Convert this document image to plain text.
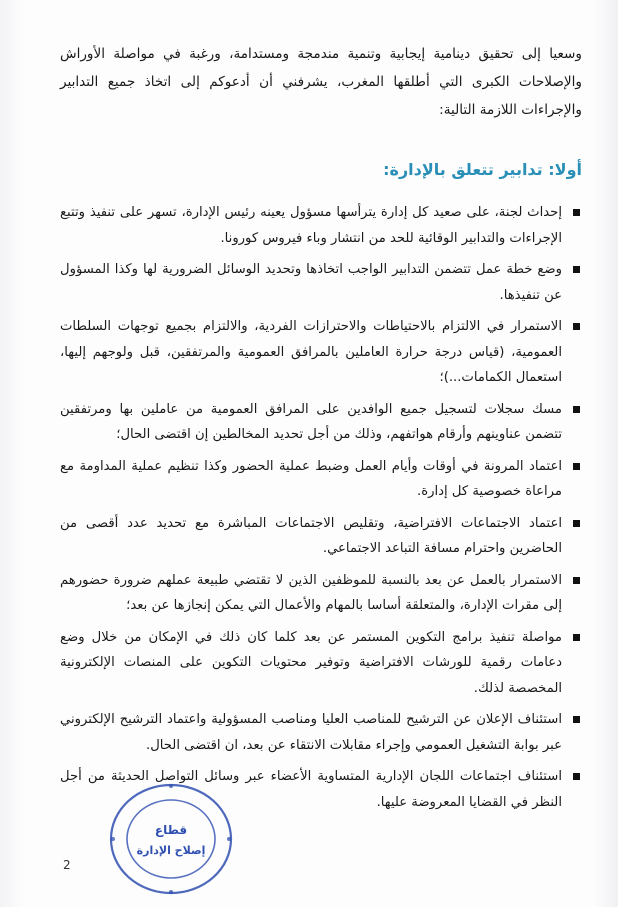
وسعيا إلى تحقيق دينامية إيجابية وتنمية مندمجة ومستدامة، ورغبة في مواصلة الأوراش والإصلاحات الكبرى التي أطلقها المغرب، يشرفني أن أدعوكم إلى اتخاذ جميع التدابير والإجراءات اللازمة التالية:

أولا: تدابير تتعلق بالإدارة:
إحداث لجنة، على صعيد كل إدارة يترأسها مسؤول يعينه رئيس الإدارة، تسهر على تنفيذ وتتبع الإجراءات والتدابير الوقائية للحد من انتشار وباء فيروس كورونا.
وضع خطة عمل تتضمن التدابير الواجب اتخاذها وتحديد الوسائل الضرورية لها وكذا المسؤول عن تنفيذها.
الاستمرار في الالتزام بالاحتياطات والاحترازات الفردية، والالتزام بجميع توجهات السلطات العمومية، (قياس درجة حرارة العاملين بالمرافق العمومية والمرتفقين، قبل ولوجهم إليها، استعمال الكمامات...)؛
مسك سجلات لتسجيل جميع الوافدين على المرافق العمومية من عاملين بها ومرتفقين تتضمن عناوينهم وأرقام هواتفهم، وذلك من أجل تحديد المخالطين إن اقتضى الحال؛
اعتماد المرونة في أوقات وأيام العمل وضبط عملية الحضور وكذا تنظيم عملية المداومة مع مراعاة خصوصية كل إدارة.
اعتماد الاجتماعات الافتراضية، وتقليص الاجتماعات المباشرة مع تحديد عدد أقصى من الحاضرين واحترام مسافة التباعد الاجتماعي.
الاستمرار بالعمل عن بعد بالنسبة للموظفين الذين لا تقتضي طبيعة عملهم ضرورة حضورهم إلى مقرات الإدارة، والمتعلقة أساسا بالمهام والأعمال التي يمكن إنجازها عن بعد؛
مواصلة تنفيذ برامج التكوين المستمر عن بعد كلما كان ذلك في الإمكان من خلال وضع دعامات رقمية للورشات الافتراضية وتوفير محتويات التكوين على المنصات الإلكترونية المخصصة لذلك.
استئناف الإعلان عن الترشيح للمناصب العليا ومناصب المسؤولية واعتماد الترشيح الإلكتروني عبر بوابة التشغيل العمومي وإجراء مقابلات الانتقاء عن بعد، ان اقتضى الحال.
استئناف اجتماعات اللجان الإدارية المتساوية الأعضاء عبر وسائل التواصل الحديثة من أجل النظر في القضايا المعروضة عليها.
قطاع
إصلاح الإدارة
2
